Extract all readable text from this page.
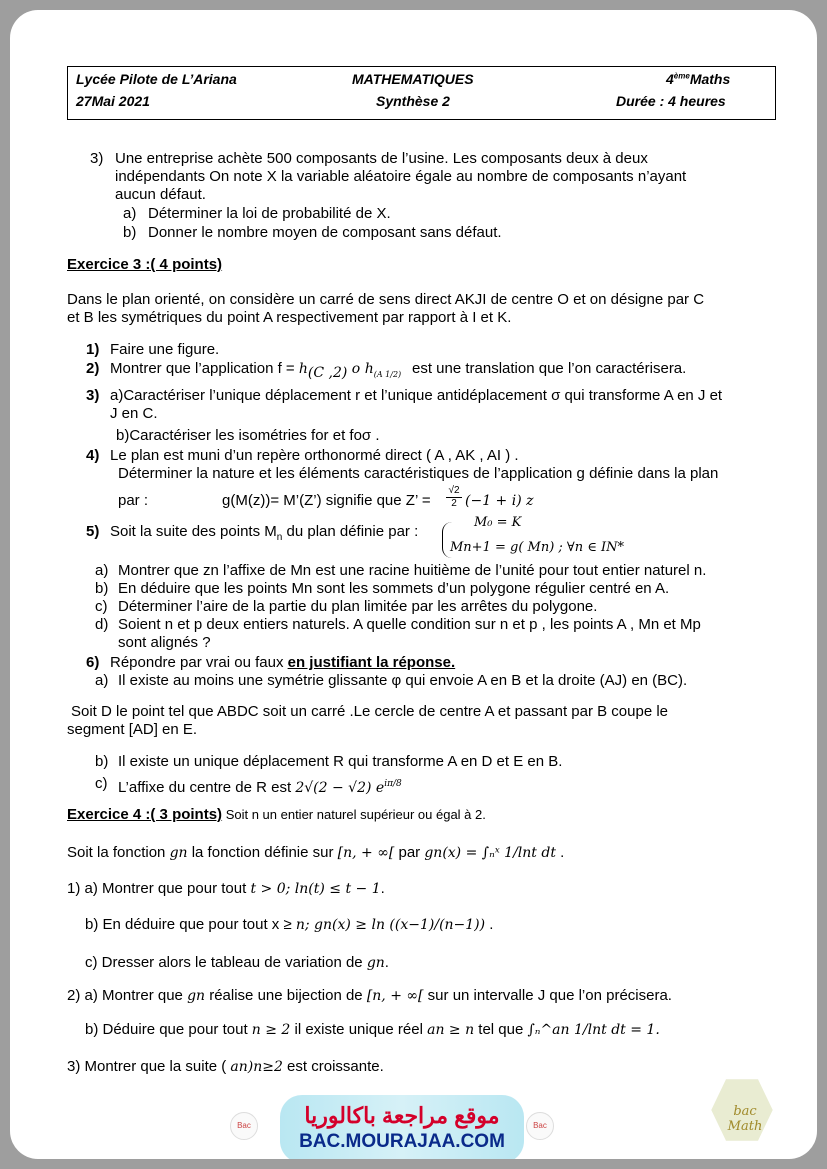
Lycée Pilote de L’Ariana	MATHEMATIQUES	4èmeMaths
27Mai 2021	Synthèse 2	Durée : 4 heures
3) Une entreprise achète 500 composants de l’usine. Les composants deux à deux
indépendants On note X la variable aléatoire égale au nombre de composants n’ayant
aucun défaut.
a) Déterminer la loi de probabilité de X.
b) Donner le nombre moyen de composant sans défaut.
Exercice 3 :( 4 points)
Dans le plan orienté, on considère un carré de sens direct AKJI de centre O et on désigne par C
et B les symétriques du point A respectivement par rapport à I et K.
1) Faire une figure.
2) Montrer que l’application $f = h_{(C ,2)}$ o $h_{(A 1/2)}$ est une translation que l’on caractérisera.
3) a)Caractériser l’unique déplacement r et l’unique antidéplacement σ qui transforme A en J et
J en C.
b)Caractériser les isométries for et foσ .
4) Le plan est muni d’un repère orthonormé direct ( A , AK , AI ) .
Déterminer la nature et les éléments caractéristiques de l’application g définie dans la plan
par :	g(M(z))= M’(Z’) signifie que Z’ =
√2
2 (−1 + i) z
5) Soit la suite des points $M_n$ du plan définie par :
M₀ = K
Mn+1 = g( Mn) ; ∀n ∈ IN*
a) Montrer que zn l’affixe de Mn est une racine huitième de l’unité pour tout entier naturel n.
b) En déduire que les points Mn sont les sommets d’un polygone régulier centré en A.
c) Déterminer l’aire de la partie du plan limitée par les arrêtes du polygone.
d) Soient n et p deux entiers naturels. A quelle condition sur n et p , les points A , Mn et Mp
sont alignés ?
6) Répondre par vrai ou faux en justifiant la réponse.
a) Il existe au moins une symétrie glissante φ qui envoie A en B et la droite (AJ) en (BC).
Soit D le point tel que ABDC soit un carré .Le cercle de centre A et passant par B coupe le
segment [AD] en E.
b) Il existe un unique déplacement R qui transforme A en D et E en B.
c) L’affixe du centre de R est 2√(2 − √2) $e^{i\pi/8}$
Exercice 4 :( 3 points) Soit n un entier naturel supérieur ou égal à 2.
Soit la fonction gn la fonction définie sur [n, + ∞[ par gn(x) = ∫ₙˣ 1/lnt dt .
1) a) Montrer que pour tout t > 0; ln(t) ≤ t − 1.
b) En déduire que pour tout x ≥ n; gn(x) ≥ ln ((x−1)/(n−1)) .
c) Dresser alors le tableau de variation de gn.
2) a) Montrer que gn réalise une bijection de [n, + ∞[ sur un intervalle J que l’on précisera.
b) Déduire que pour tout n ≥ 2 il existe unique réel an ≥ n tel que ∫ₙ^an 1/lnt dt = 1.
3) Montrer que la suite ( an)n≥2 est croissante.
Bac	موقع مراجعة باكالوريا
BAC.MOURAJAA.COM
Bac
bac Math
